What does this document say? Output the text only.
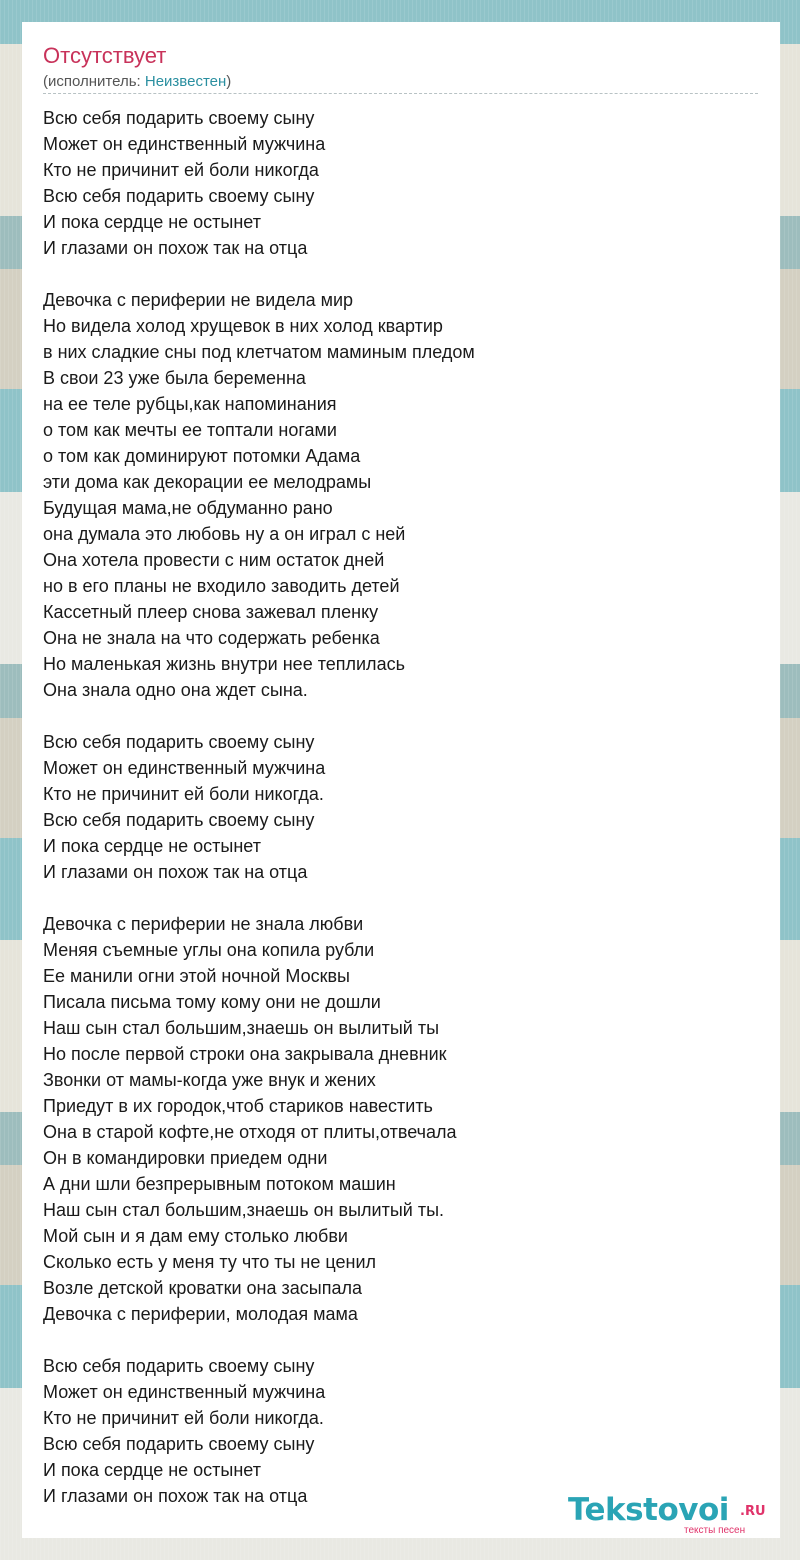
Отсутствует
(исполнитель: Неизвестен)
Всю себя подарить своему сыну
Может он единственный мужчина
Кто не причинит ей боли никогда
Всю себя подарить своему сыну
И пока сердце не остынет
И глазами он похож так на отца
Девочка с периферии не видела мир
Но видела холод хрущевок в них холод квартир
в них сладкие сны под клетчатом маминым пледом
В свои 23 уже была беременна
на ее теле рубцы,как напоминания
о том как мечты ее топтали ногами
о том как доминируют потомки Адама
эти дома как декорации ее мелодрамы
Будущая мама,не обдуманно рано
она думала это любовь ну а он играл с ней
Она хотела провести с ним остаток дней
но в его планы не входило заводить детей
Кассетный плеер снова зажевал пленку
Она не знала на что содержать ребенка
Но маленькая жизнь внутри нее теплилась
Она знала одно она ждет сына.
Всю себя подарить своему сыну
Может он единственный мужчина
Кто не причинит ей боли никогда.
Всю себя подарить своему сыну
И пока сердце не остынет
И глазами он похож так на отца
Девочка с периферии не знала любви
Меняя съемные углы она копила рубли
Ее манили огни этой ночной Москвы
Писала письма тому кому они не дошли
Наш сын стал большим,знаешь он вылитый ты
Но после первой строки она закрывала дневник
Звонки от мамы-когда уже внук и жених
Приедут в их городок,чтоб стариков навестить
Она в старой кофте,не отходя от плиты,отвечала
Он в командировки приедем одни
А дни шли безпрерывным потоком машин
Наш сын стал большим,знаешь он вылитый ты.
Мой сын и я дам ему столько любви
Сколько есть у меня ту что ты не ценил
Возле детской кроватки она засыпала
Девочка с периферии, молодая мама
Всю себя подарить своему сыну
Может он единственный мужчина
Кто не причинит ей боли никогда.
Всю себя подарить своему сыну
И пока сердце не остынет
И глазами он похож так на отца	Tekstovoi .RU
тексты песен
